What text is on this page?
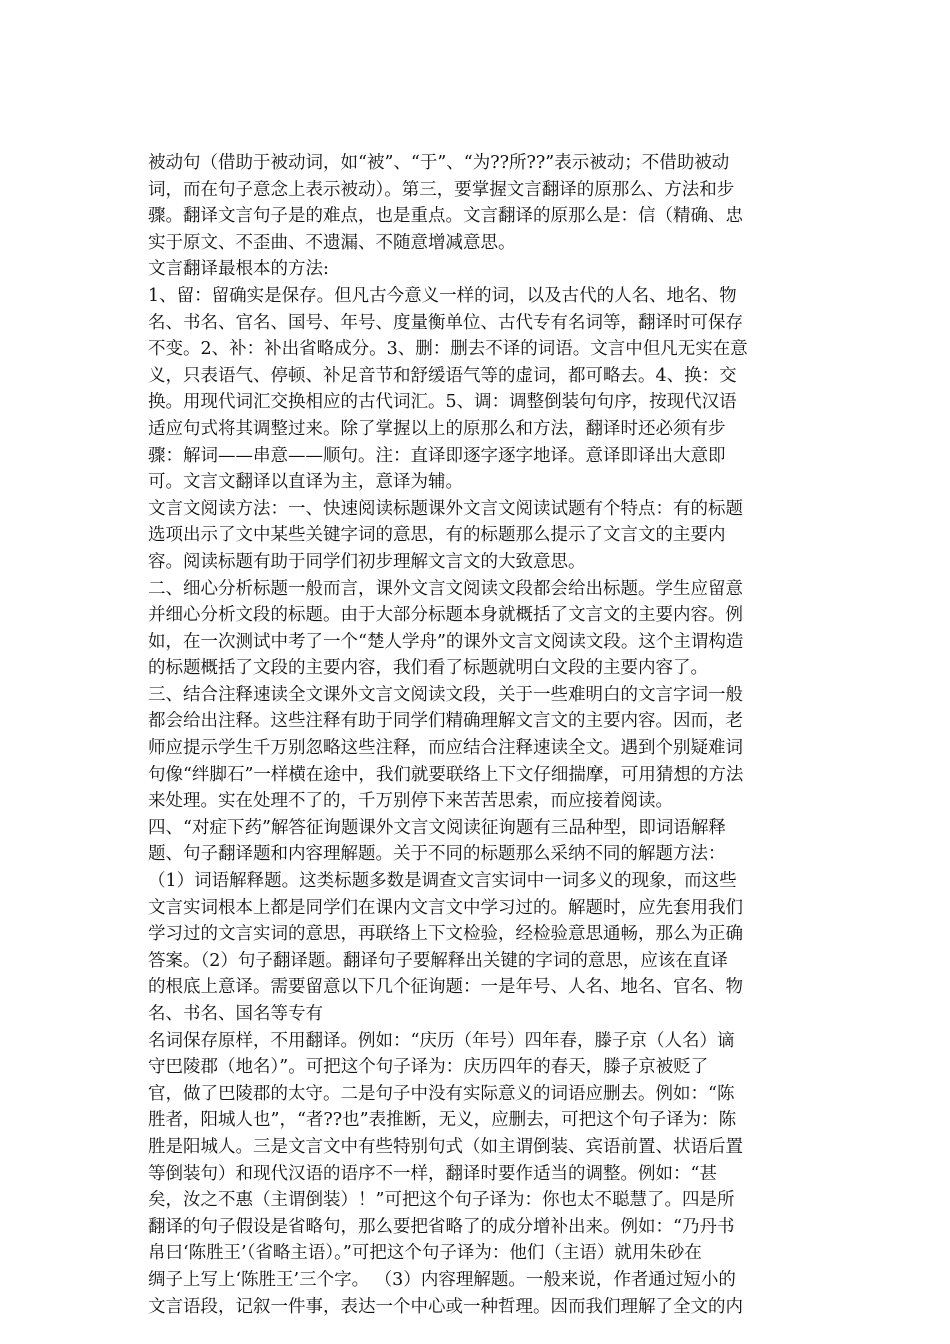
被动句（借助于被动词，如“被”、“于”、“为??所??”表示被动；不借助被动
词，而在句子意念上表示被动）。第三，要掌握文言翻译的原那么、方法和步
骤。翻译文言句子是的难点，也是重点。文言翻译的原那么是：信（精确、忠
实于原文、不歪曲、不遗漏、不随意增减意思。
文言翻译最根本的方法:
1、留：留确实是保存。但凡古今意义一样的词，以及古代的人名、地名、物
名、书名、官名、国号、年号、度量衡单位、古代专有名词等，翻译时可保存
不变。2、补：补出省略成分。3、删：删去不译的词语。文言中但凡无实在意
义，只表语气、停顿、补足音节和舒缓语气等的虚词，都可略去。4、换：交
换。用现代词汇交换相应的古代词汇。5、调：调整倒装句句序，按现代汉语
适应句式将其调整过来。除了掌握以上的原那么和方法，翻译时还必须有步
骤：解词——串意——顺句。注：直译即逐字逐字地译。意译即译出大意即
可。文言文翻译以直译为主，意译为辅。
文言文阅读方法：一、快速阅读标题课外文言文阅读试题有个特点：有的标题
选项出示了文中某些关键字词的意思，有的标题那么提示了文言文的主要内
容。阅读标题有助于同学们初步理解文言文的大致意思。
二、细心分析标题一般而言，课外文言文阅读文段都会给出标题。学生应留意
并细心分析文段的标题。由于大部分标题本身就概括了文言文的主要内容。例
如，在一次测试中考了一个“楚人学舟”的课外文言文阅读文段。这个主谓构造
的标题概括了文段的主要内容，我们看了标题就明白文段的主要内容了。
三、结合注释速读全文课外文言文阅读文段，关于一些难明白的文言字词一般
都会给出注释。这些注释有助于同学们精确理解文言文的主要内容。因而，老
师应提示学生千万别忽略这些注释，而应结合注释速读全文。遇到个别疑难词
句像“绊脚石”一样横在途中，我们就要联络上下文仔细揣摩，可用猜想的方法
来处理。实在处理不了的，千万别停下来苦苦思索，而应接着阅读。
四、“对症下药”解答征询题课外文言文阅读征询题有三品种型，即词语解释
题、句子翻译题和内容理解题。关于不同的标题那么采纳不同的解题方法：
（1）词语解释题。这类标题多数是调查文言实词中一词多义的现象，而这些
文言实词根本上都是同学们在课内文言文中学习过的。解题时，应先套用我们
学习过的文言实词的意思，再联络上下文检验，经检验意思通畅，那么为正确
答案。（2）句子翻译题。翻译句子要解释出关键的字词的意思，应该在直译
的根底上意译。需要留意以下几个征询题：一是年号、人名、地名、官名、物
名、书名、国名等专有
名词保存原样，不用翻译。例如：“庆历（年号）四年春，滕子京（人名）谪
守巴陵郡（地名）”。可把这个句子译为：庆历四年的春天，滕子京被贬了
官，做了巴陵郡的太守。二是句子中没有实际意义的词语应删去。例如：“陈
胜者，阳城人也”，“者??也”表推断，无义，应删去，可把这个句子译为：陈
胜是阳城人。三是文言文中有些特别句式（如主谓倒装、宾语前置、状语后置
等倒装句）和现代汉语的语序不一样，翻译时要作适当的调整。例如：“甚
矣，汝之不惠（主谓倒装）！”可把这个句子译为：你也太不聪慧了。四是所
翻译的句子假设是省略句，那么要把省略了的成分增补出来。例如：“乃丹书
帛曰‘陈胜王’（省略主语）。”可把这个句子译为：他们（主语）就用朱砂在
绸子上写上‘陈胜王’三个字。 （3）内容理解题。一般来说，作者通过短小的
文言语段，记叙一件事，表达一个中心或一种哲理。因而我们理解了全文的内
